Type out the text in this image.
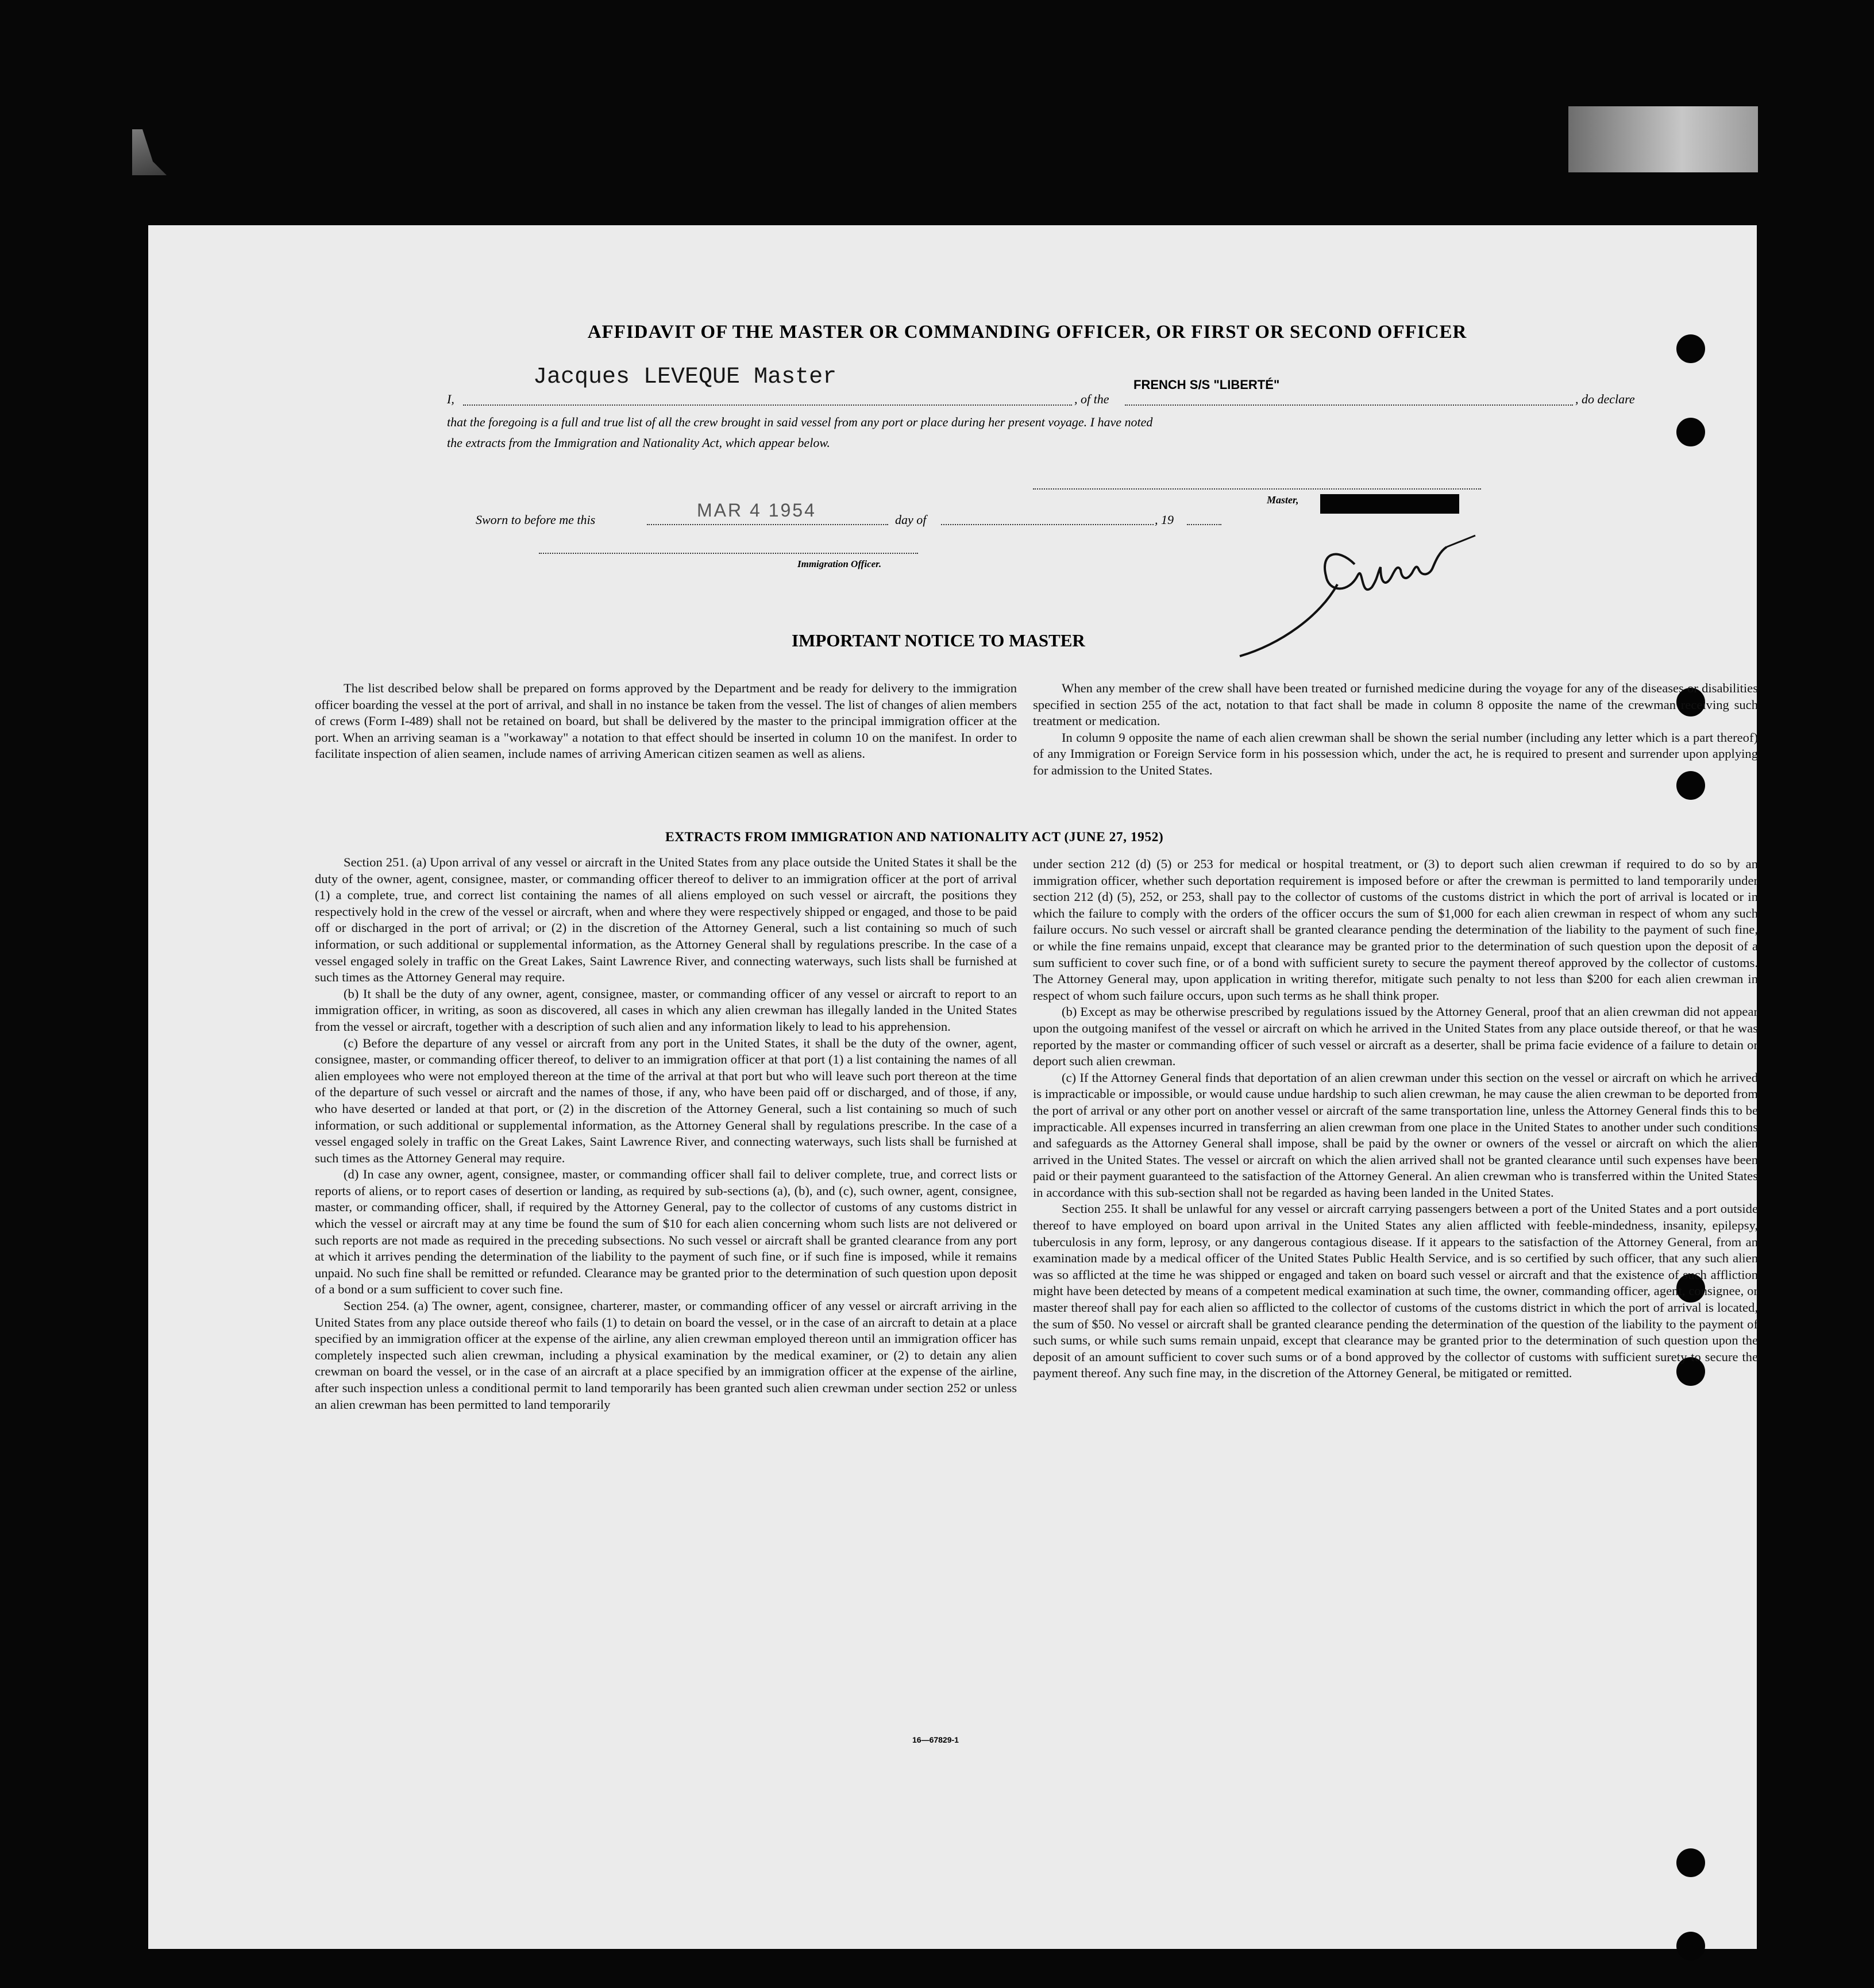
AFFIDAVIT OF THE MASTER OR COMMANDING OFFICER, OR FIRST OR SECOND OFFICER
I,
Jacques LEVEQUE Master
, of the
FRENCH S/S "LIBERTÉ"
, do declare
that the foregoing is a full and true list of all the crew brought in said vessel from any port or place during her present voyage. I have noted
the extracts from the Immigration and Nationality Act, which appear below.
Master,
Sworn to before me this	MAR 4 1954	day of	, 19
Immigration Officer.
IMPORTANT NOTICE TO MASTER

The list described below shall be prepared on forms approved by the Department and be ready for delivery to the immigration officer boarding the vessel at the port of arrival, and shall in no instance be taken from the vessel. The list of changes of alien members of crews (Form I-489) shall not be retained on board, but shall be delivered by the master to the principal immigration officer at the port. When an arriving seaman is a "workaway" a notation to that effect should be inserted in column 10 on the manifest. In order to facilitate inspection of alien seamen, include names of arriving American citizen seamen as well as aliens.

When any member of the crew shall have been treated or furnished medicine during the voyage for any of the diseases or disabilities specified in section 255 of the act, notation to that fact shall be made in column 8 opposite the name of the crewman receiving such treatment or medication.

In column 9 opposite the name of each alien crewman shall be shown the serial number (including any letter which is a part thereof) of any Immigration or Foreign Service form in his possession which, under the act, he is required to present and surrender upon applying for admission to the United States.

EXTRACTS FROM IMMIGRATION AND NATIONALITY ACT (JUNE 27, 1952)

Section 251. (a) Upon arrival of any vessel or aircraft in the United States from any place outside the United States it shall be the duty of the owner, agent, consignee, master, or commanding officer thereof to deliver to an immigration officer at the port of arrival (1) a complete, true, and correct list containing the names of all aliens employed on such vessel or aircraft, the positions they respectively hold in the crew of the vessel or aircraft, when and where they were respectively shipped or engaged, and those to be paid off or discharged in the port of arrival; or (2) in the discretion of the Attorney General, such a list containing so much of such information, or such additional or supplemental information, as the Attorney General shall by regulations prescribe. In the case of a vessel engaged solely in traffic on the Great Lakes, Saint Lawrence River, and connecting waterways, such lists shall be furnished at such times as the Attorney General may require.

(b) It shall be the duty of any owner, agent, consignee, master, or commanding officer of any vessel or aircraft to report to an immigration officer, in writing, as soon as discovered, all cases in which any alien crewman has illegally landed in the United States from the vessel or aircraft, together with a description of such alien and any information likely to lead to his apprehension.

(c) Before the departure of any vessel or aircraft from any port in the United States, it shall be the duty of the owner, agent, consignee, master, or commanding officer thereof, to deliver to an immigration officer at that port (1) a list containing the names of all alien employees who were not employed thereon at the time of the arrival at that port but who will leave such port thereon at the time of the departure of such vessel or aircraft and the names of those, if any, who have been paid off or discharged, and of those, if any, who have deserted or landed at that port, or (2) in the discretion of the Attorney General, such a list containing so much of such information, or such additional or supplemental information, as the Attorney General shall by regulations prescribe. In the case of a vessel engaged solely in traffic on the Great Lakes, Saint Lawrence River, and connecting waterways, such lists shall be furnished at such times as the Attorney General may require.

(d) In case any owner, agent, consignee, master, or commanding officer shall fail to deliver complete, true, and correct lists or reports of aliens, or to report cases of desertion or landing, as required by sub-sections (a), (b), and (c), such owner, agent, consignee, master, or commanding officer, shall, if required by the Attorney General, pay to the collector of customs of any customs district in which the vessel or aircraft may at any time be found the sum of $10 for each alien concerning whom such lists are not delivered or such reports are not made as required in the preceding subsections. No such vessel or aircraft shall be granted clearance from any port at which it arrives pending the determination of the liability to the payment of such fine, or if such fine is imposed, while it remains unpaid. No such fine shall be remitted or refunded. Clearance may be granted prior to the determination of such question upon deposit of a bond or a sum sufficient to cover such fine.

Section 254. (a) The owner, agent, consignee, charterer, master, or commanding officer of any vessel or aircraft arriving in the United States from any place outside thereof who fails (1) to detain on board the vessel, or in the case of an aircraft to detain at a place specified by an immigration officer at the expense of the airline, any alien crewman employed thereon until an immigration officer has completely inspected such alien crewman, including a physical examination by the medical examiner, or (2) to detain any alien crewman on board the vessel, or in the case of an aircraft at a place specified by an immigration officer at the expense of the airline, after such inspection unless a conditional permit to land temporarily has been granted such alien crewman under section 252 or unless an alien crewman has been permitted to land temporarily

under section 212 (d) (5) or 253 for medical or hospital treatment, or (3) to deport such alien crewman if required to do so by an immigration officer, whether such deportation requirement is imposed before or after the crewman is permitted to land temporarily under section 212 (d) (5), 252, or 253, shall pay to the collector of customs of the customs district in which the port of arrival is located or in which the failure to comply with the orders of the officer occurs the sum of $1,000 for each alien crewman in respect of whom any such failure occurs. No such vessel or aircraft shall be granted clearance pending the determination of the liability to the payment of such fine, or while the fine remains unpaid, except that clearance may be granted prior to the determination of such question upon the deposit of a sum sufficient to cover such fine, or of a bond with sufficient surety to secure the payment thereof approved by the collector of customs. The Attorney General may, upon application in writing therefor, mitigate such penalty to not less than $200 for each alien crewman in respect of whom such failure occurs, upon such terms as he shall think proper.

(b) Except as may be otherwise prescribed by regulations issued by the Attorney General, proof that an alien crewman did not appear upon the outgoing manifest of the vessel or aircraft on which he arrived in the United States from any place outside thereof, or that he was reported by the master or commanding officer of such vessel or aircraft as a deserter, shall be prima facie evidence of a failure to detain or deport such alien crewman.

(c) If the Attorney General finds that deportation of an alien crewman under this section on the vessel or aircraft on which he arrived is impracticable or impossible, or would cause undue hardship to such alien crewman, he may cause the alien crewman to be deported from the port of arrival or any other port on another vessel or aircraft of the same transportation line, unless the Attorney General finds this to be impracticable. All expenses incurred in transferring an alien crewman from one place in the United States to another under such conditions and safeguards as the Attorney General shall impose, shall be paid by the owner or owners of the vessel or aircraft on which the alien arrived in the United States. The vessel or aircraft on which the alien arrived shall not be granted clearance until such expenses have been paid or their payment guaranteed to the satisfaction of the Attorney General. An alien crewman who is transferred within the United States in accordance with this sub-section shall not be regarded as having been landed in the United States.

Section 255. It shall be unlawful for any vessel or aircraft carrying passengers between a port of the United States and a port outside thereof to have employed on board upon arrival in the United States any alien afflicted with feeble-mindedness, insanity, epilepsy, tuberculosis in any form, leprosy, or any dangerous contagious disease. If it appears to the satisfaction of the Attorney General, from an examination made by a medical officer of the United States Public Health Service, and is so certified by such officer, that any such alien was so afflicted at the time he was shipped or engaged and taken on board such vessel or aircraft and that the existence of such affliction might have been detected by means of a competent medical examination at such time, the owner, commanding officer, agent, consignee, or master thereof shall pay for each alien so afflicted to the collector of customs of the customs district in which the port of arrival is located, the sum of $50. No vessel or aircraft shall be granted clearance pending the determination of the question of the liability to the payment of such sums, or while such sums remain unpaid, except that clearance may be granted prior to the determination of such question upon the deposit of an amount sufficient to cover such sums or of a bond approved by the collector of customs with sufficient surety to secure the payment thereof. Any such fine may, in the discretion of the Attorney General, be mitigated or remitted.

16—67829-1
